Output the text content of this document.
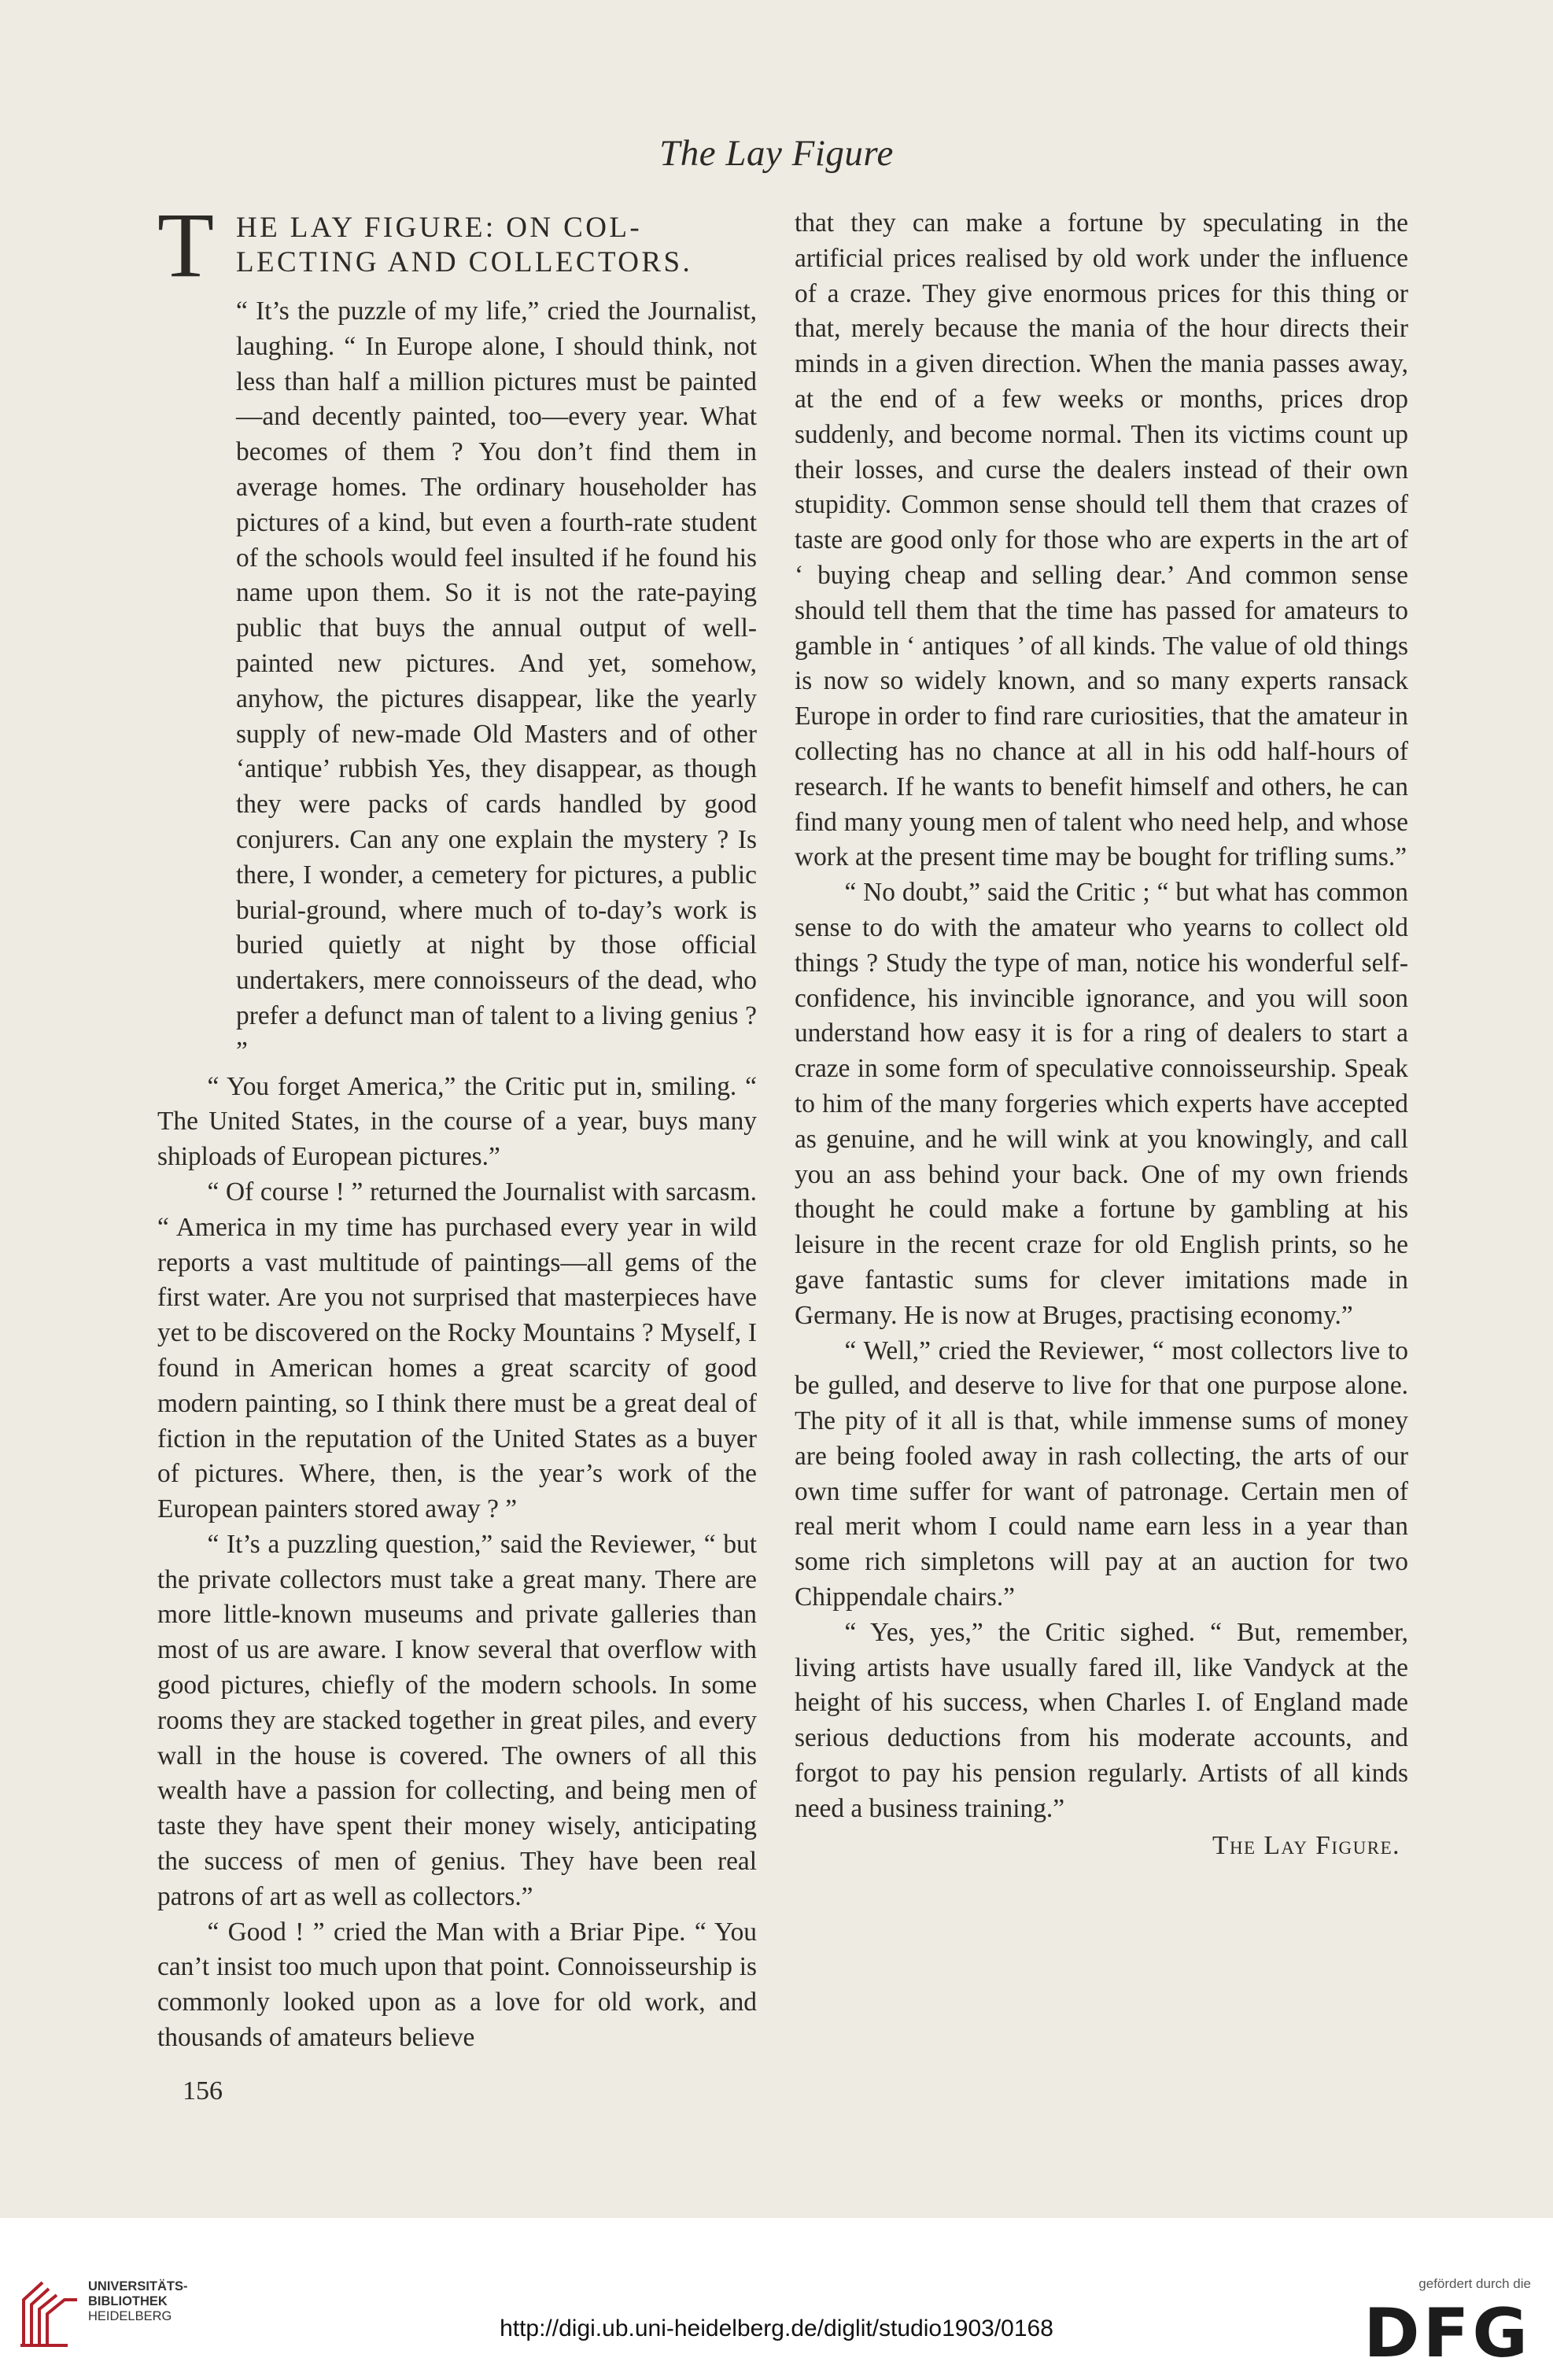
The Lay Figure
T HE LAY FIGURE: ON COL-
LECTING AND COLLECTORS.

“ It’s the puzzle of my life,” cried the Journalist, laughing. “ In Europe alone, I should think, not less than half a million pictures must be painted—and decently painted, too—every year. What becomes of them ? You don’t find them in average homes. The ordinary householder has pictures of a kind, but even a fourth-rate student of the schools would feel insulted if he found his name upon them. So it is not the rate-paying public that buys the annual output of well-painted new pictures. And yet, somehow, anyhow, the pictures disappear, like the yearly supply of new-made Old Masters and of other ‘antique’ rubbish Yes, they disappear, as though they were packs of cards handled by good conjurers. Can any one explain the mystery ? Is there, I wonder, a cemetery for pictures, a public burial-ground, where much of to-day’s work is buried quietly at night by those official undertakers, mere connoisseurs of the dead, who prefer a defunct man of talent to a living genius ? ”

“ You forget America,” the Critic put in, smiling. “ The United States, in the course of a year, buys many shiploads of European pictures.”

“ Of course ! ” returned the Journalist with sarcasm. “ America in my time has purchased every year in wild reports a vast multitude of paintings—all gems of the first water. Are you not surprised that masterpieces have yet to be discovered on the Rocky Mountains ? Myself, I found in American homes a great scarcity of good modern painting, so I think there must be a great deal of fiction in the reputation of the United States as a buyer of pictures. Where, then, is the year’s work of the European painters stored away ? ”

“ It’s a puzzling question,” said the Reviewer, “ but the private collectors must take a great many. There are more little-known museums and private galleries than most of us are aware. I know several that overflow with good pictures, chiefly of the modern schools. In some rooms they are stacked together in great piles, and every wall in the house is covered. The owners of all this wealth have a passion for collecting, and being men of taste they have spent their money wisely, anticipating the success of men of genius. They have been real patrons of art as well as collectors.”

“ Good ! ” cried the Man with a Briar Pipe. “ You can’t insist too much upon that point. Connoisseurship is commonly looked upon as a love for old work, and thousands of amateurs believe

that they can make a fortune by speculating in the artificial prices realised by old work under the influence of a craze. They give enormous prices for this thing or that, merely because the mania of the hour directs their minds in a given direction. When the mania passes away, at the end of a few weeks or months, prices drop suddenly, and become normal. Then its victims count up their losses, and curse the dealers instead of their own stupidity. Common sense should tell them that crazes of taste are good only for those who are experts in the art of ‘ buying cheap and selling dear.’ And common sense should tell them that the time has passed for amateurs to gamble in ‘ antiques ’ of all kinds. The value of old things is now so widely known, and so many experts ransack Europe in order to find rare curiosities, that the amateur in collecting has no chance at all in his odd half-hours of research. If he wants to benefit himself and others, he can find many young men of talent who need help, and whose work at the present time may be bought for trifling sums.”

“ No doubt,” said the Critic ; “ but what has common sense to do with the amateur who yearns to collect old things ? Study the type of man, notice his wonderful self-confidence, his invincible ignorance, and you will soon understand how easy it is for a ring of dealers to start a craze in some form of speculative connoisseurship. Speak to him of the many forgeries which experts have accepted as genuine, and he will wink at you knowingly, and call you an ass behind your back. One of my own friends thought he could make a fortune by gambling at his leisure in the recent craze for old English prints, so he gave fantastic sums for clever imitations made in Germany. He is now at Bruges, practising economy.”

“ Well,” cried the Reviewer, “ most collectors live to be gulled, and deserve to live for that one purpose alone. The pity of it all is that, while immense sums of money are being fooled away in rash collecting, the arts of our own time suffer for want of patronage. Certain men of real merit whom I could name earn less in a year than some rich simpletons will pay at an auction for two Chippendale chairs.”

“ Yes, yes,” the Critic sighed. “ But, remember, living artists have usually fared ill, like Vandyck at the height of his success, when Charles I. of England made serious deductions from his moderate accounts, and forgot to pay his pension regularly. Artists of all kinds need a business training.”

The Lay Figure.
156
UNIVERSITÄTS-
BIBLIOTHEK
HEIDELBERG	http://digi.ub.uni-heidelberg.de/diglit/studio1903/0168
gefördert durch die
DFG
